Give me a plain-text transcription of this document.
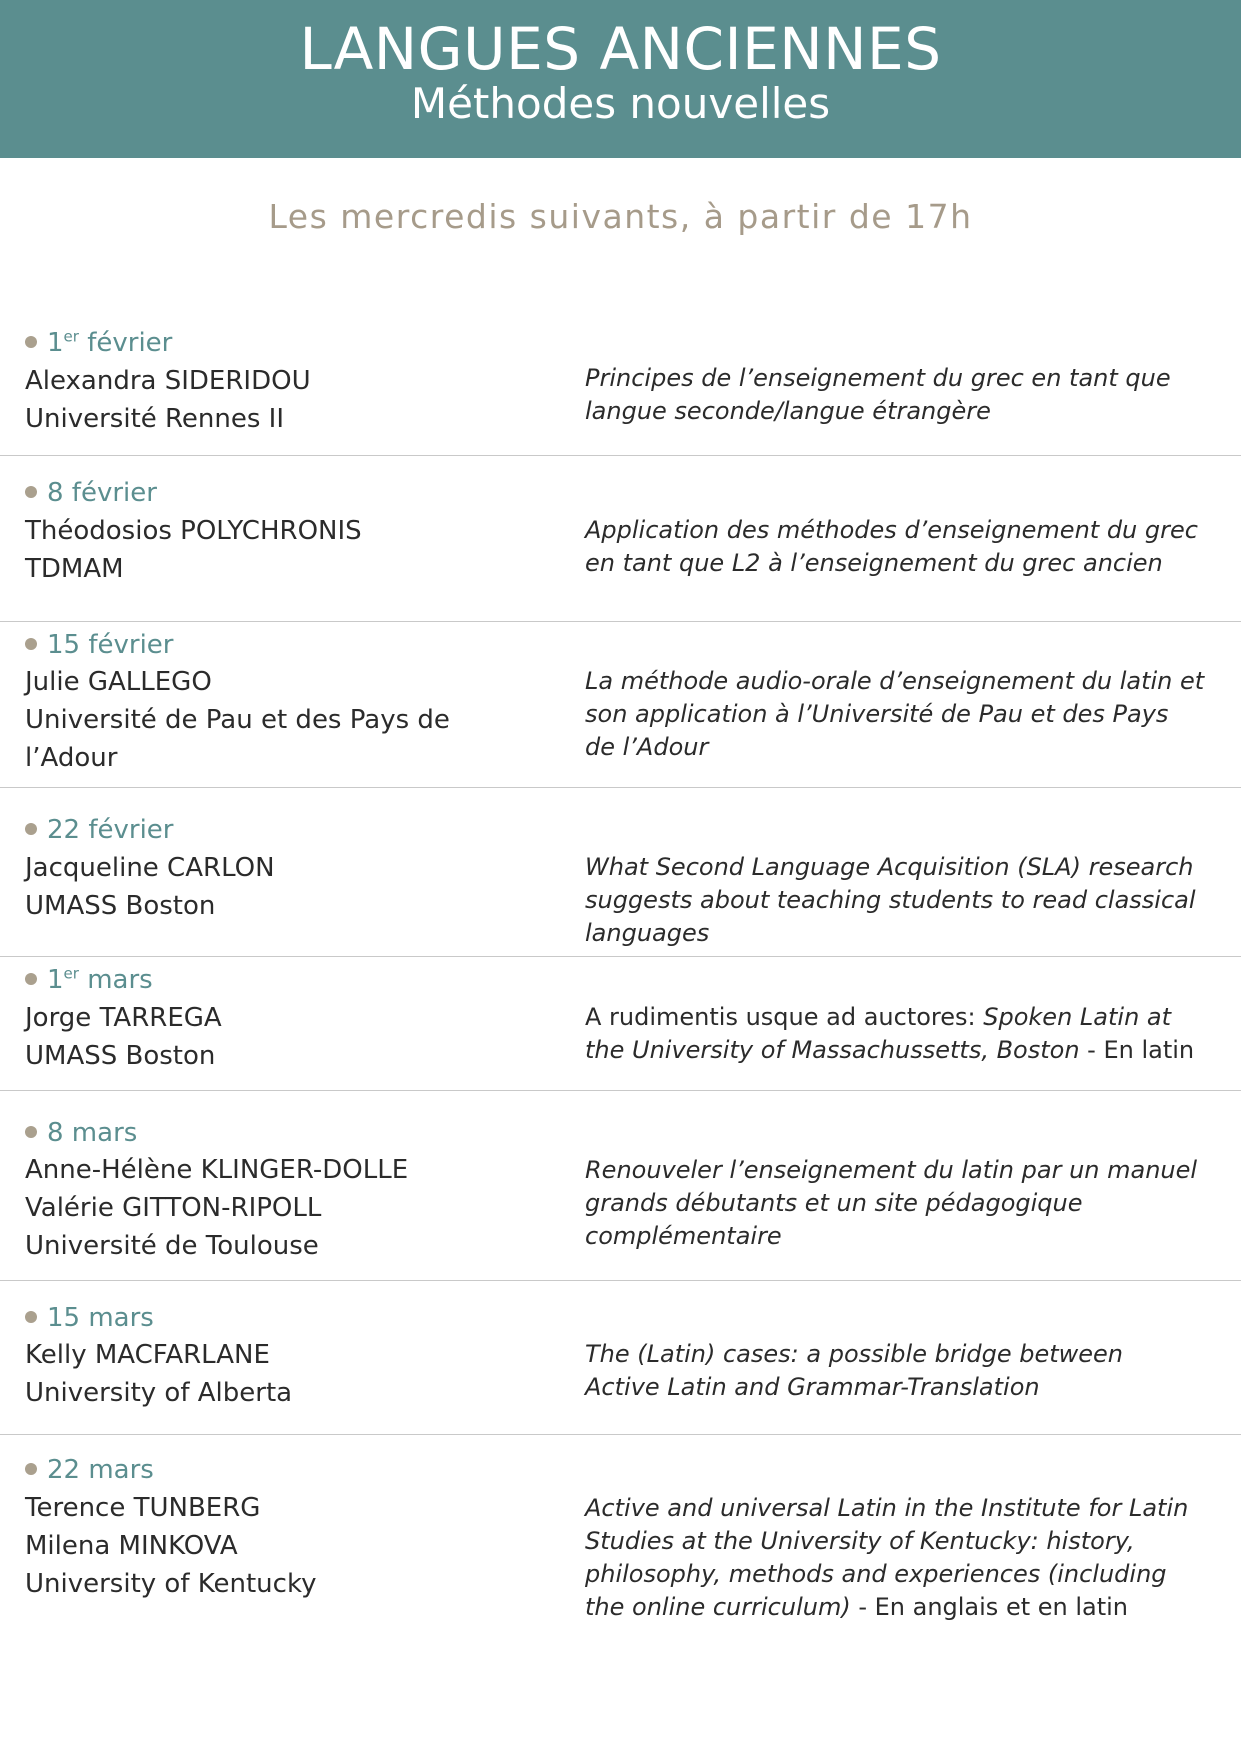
LANGUES ANCIENNES
Méthodes nouvelles
Les mercredis suivants, à partir de 17h
1er février
Alexandra SIDERIDOU
Université Rennes II
Principes de l’enseignement du grec en tant que langue seconde/langue étrangère
8 février
Théodosios POLYCHRONIS
TDMAM
Application des méthodes d’enseignement du grec en tant que L2 à l’enseignement du grec ancien
15 février
Julie GALLEGO
Université de Pau et des Pays de
l’Adour
La méthode audio-orale d’enseignement du latin et son application à l’Université de Pau et des Pays de l’Adour
22 février
Jacqueline CARLON
UMASS Boston
What Second Language Acquisition (SLA) research suggests about teaching students to read classical languages
1er mars
Jorge TARREGA
UMASS Boston
A rudimentis usque ad auctores: Spoken Latin at the University of Massachussetts, Boston - En latin
8 mars
Anne-Hélène KLINGER-DOLLE
Valérie GITTON-RIPOLL
Université de Toulouse
Renouveler l’enseignement du latin par un manuel grands débutants et un site pédagogique complémentaire
15 mars
Kelly MACFARLANE
University of Alberta
The (Latin) cases: a possible bridge between Active Latin and Grammar-Translation
22 mars
Terence TUNBERG
Milena MINKOVA
University of Kentucky
Active and universal Latin in the Institute for Latin Studies at the University of Kentucky: history, philosophy, methods and experiences (including the online curriculum) - En anglais et en latin
